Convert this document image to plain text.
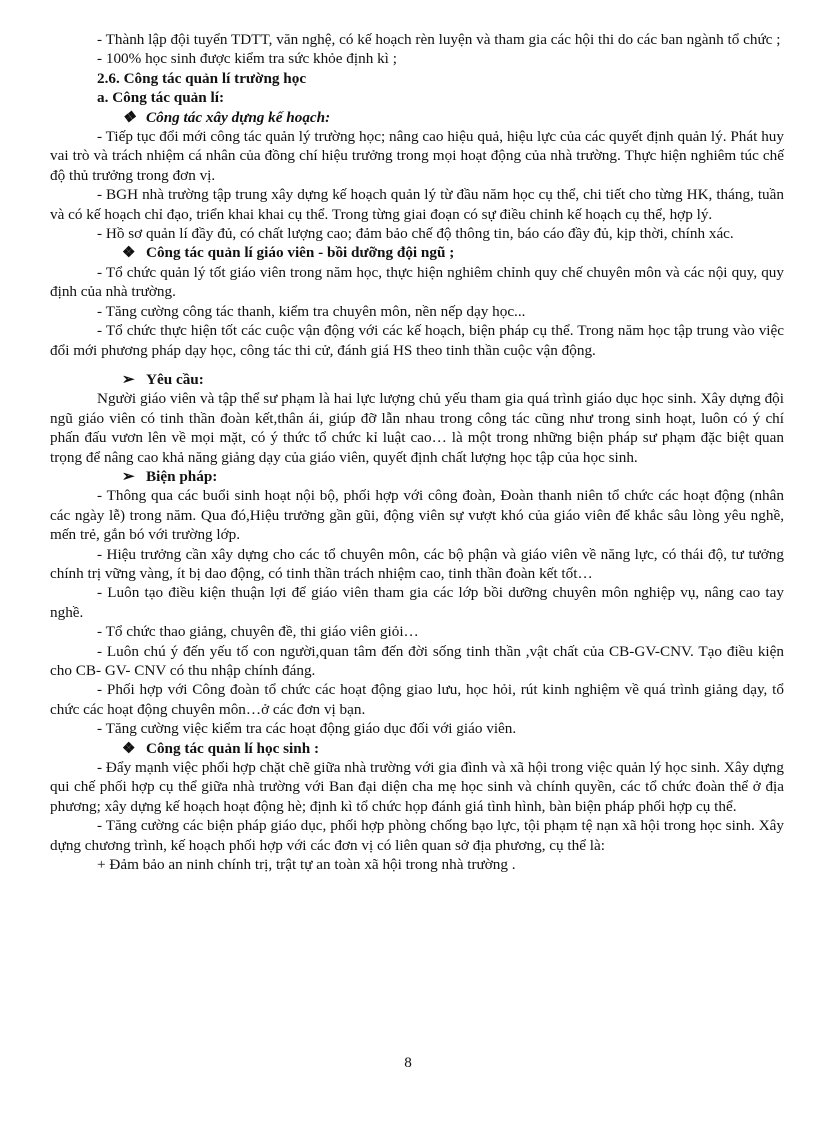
- Thành lập đội tuyển TDTT, văn nghệ, có kế hoạch rèn luyện và tham gia các hội thi do các ban ngành tổ chức ;

- 100% học sinh được kiểm tra sức khỏe định kì ;

2.6. Công tác quản lí trường học

a. Công tác quản lí:

❖ Công tác xây dựng kế hoạch:

- Tiếp tục đổi mới công tác quản lý trường học; nâng cao hiệu quả, hiệu lực của các quyết định quản lý. Phát huy vai trò và trách nhiệm cá nhân của đồng chí hiệu trưởng trong mọi hoạt động của nhà trường. Thực hiện nghiêm túc chế độ thủ trưởng trong đơn vị.

- BGH nhà trường tập trung xây dựng kế hoạch quản lý từ đầu năm học cụ thể, chi tiết cho từng HK, tháng, tuần và có kế hoạch chỉ đạo, triển khai khai cụ thể. Trong từng giai đoạn có sự điều chỉnh kế hoạch cụ thể, hợp lý.

- Hồ sơ quản lí đầy đủ, có chất lượng cao; đảm bảo chế độ thông tin, báo cáo đầy đủ, kịp thời, chính xác.

❖ Công tác quản lí giáo viên - bồi dưỡng đội ngũ ;

- Tổ chức quản lý tốt giáo viên trong năm học, thực hiện nghiêm chỉnh quy chế chuyên môn và các nội quy, quy định của nhà trường.

- Tăng cường công tác thanh, kiểm tra chuyên môn, nền nếp dạy học...

- Tổ chức thực hiện tốt các cuộc vận động với các kế hoạch, biện pháp cụ thể. Trong năm học tập trung vào việc đổi mới phương pháp dạy học, công tác thi cử, đánh giá HS theo tinh thần cuộc vận động.

➢ Yêu cầu:

Người giáo viên và tập thể sư phạm là hai lực lượng chủ yếu tham gia quá trình giáo dục học sinh. Xây dựng đội ngũ giáo viên có tinh thần đoàn kết,thân ái, giúp đỡ lẫn nhau trong công tác cũng như trong sinh hoạt, luôn có ý chí phấn đấu vươn lên về mọi mặt, có ý thức tổ chức kỉ luật cao… là một trong những biện pháp sư phạm đặc biệt quan trọng để nâng cao khả năng giảng dạy của giáo viên, quyết định chất lượng học tập của học sinh.

➢ Biện pháp:

- Thông qua các buổi sinh hoạt nội bộ, phối hợp với công đoàn, Đoàn thanh niên tổ chức các hoạt động (nhân các ngày lễ) trong năm. Qua đó,Hiệu trưởng gần gũi, động viên sự vượt khó của giáo viên để khắc sâu lòng yêu nghề, mến trẻ, gắn bó với trường lớp.

- Hiệu trưởng cần xây dựng cho các tổ chuyên môn, các bộ phận và giáo viên về năng lực, có thái độ, tư tưởng chính trị vững vàng, ít bị dao động, có tinh thần trách nhiệm cao, tinh thần đoàn kết tốt…

- Luôn tạo điều kiện thuận lợi để giáo viên tham gia các lớp bồi dưỡng chuyên môn nghiệp vụ, nâng cao tay nghề.

- Tổ chức thao giảng, chuyên đề, thi giáo viên giỏi…

- Luôn chú ý đến yếu tố con người,quan tâm đến đời sống tinh thần ,vật chất của CB-GV-CNV. Tạo điều kiện cho CB- GV- CNV có thu nhập chính đáng.

- Phối hợp với Công đoàn tổ chức các hoạt động giao lưu, học hỏi, rút kinh nghiệm về quá trình giảng dạy, tổ chức các hoạt động chuyên môn…ở các đơn vị bạn.

- Tăng cường việc kiểm tra các hoạt động giáo dục đối với giáo viên.

❖ Công tác quản lí học sinh :

- Đẩy mạnh việc phối hợp chặt chẽ giữa nhà trường với gia đình và xã hội trong việc quản lý học sinh. Xây dựng qui chế phối hợp cụ thể giữa nhà trường với Ban đại diện cha mẹ học sinh và chính quyền, các tổ chức đoàn thể ở địa phương; xây dựng kế hoạch hoạt động hè; định kì tổ chức họp đánh giá tình hình, bàn biện pháp phối hợp cụ thể.

- Tăng cường các biện pháp giáo dục, phối hợp phòng chống bạo lực, tội phạm tệ nạn xã hội trong học sinh. Xây dựng chương trình, kế hoạch phối hợp với các đơn vị có liên quan sở địa phương, cụ thể là:

+ Đảm bảo an ninh chính trị, trật tự an toàn xã hội trong nhà trường .

8
